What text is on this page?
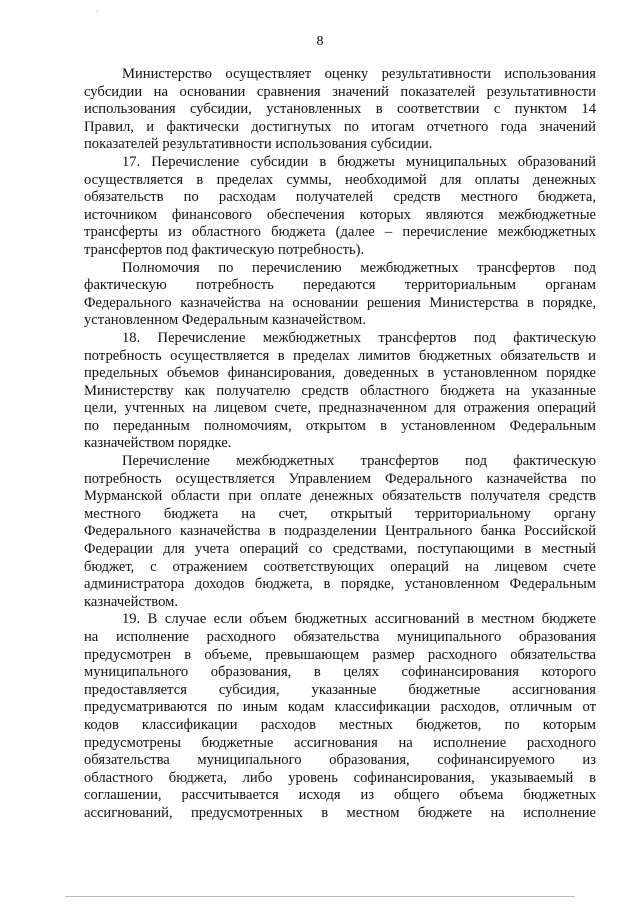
·
8
Министерство осуществляет оценку результативности использования
субсидии на основании сравнения значений показателей результативности
использования субсидии, установленных в соответствии с пунктом 14
Правил, и фактически достигнутых по итогам отчетного года значений
показателей результативности использования субсидии.
17. Перечисление субсидии в бюджеты муниципальных образований
осуществляется в пределах суммы, необходимой для оплаты денежных
обязательств по расходам получателей средств местного бюджета,
источником финансового обеспечения которых являются межбюджетные
трансферты из областного бюджета (далее – перечисление межбюджетных
трансфертов под фактическую потребность).
Полномочия по перечислению межбюджетных трансфертов под
фактическую потребность передаются территориальным органам
Федерального казначейства на основании решения Министерства в порядке,
установленном Федеральным казначейством.
18. Перечисление межбюджетных трансфертов под фактическую
потребность осуществляется в пределах лимитов бюджетных обязательств и
предельных объемов финансирования, доведенных в установленном порядке
Министерству как получателю средств областного бюджета на указанные
цели, учтенных на лицевом счете, предназначенном для отражения операций
по переданным полномочиям, открытом в установленном Федеральным
казначейством порядке.
Перечисление межбюджетных трансфертов под фактическую
потребность осуществляется Управлением Федерального казначейства по
Мурманской области при оплате денежных обязательств получателя средств
местного бюджета на счет, открытый территориальному органу
Федерального казначейства в подразделении Центрального банка Российской
Федерации для учета операций со средствами, поступающими в местный
бюджет, с отражением соответствующих операций на лицевом счете
администратора доходов бюджета, в порядке, установленном Федеральным
казначейством.
19. В случае если объем бюджетных ассигнований в местном бюджете
на исполнение расходного обязательства муниципального образования
предусмотрен в объеме, превышающем размер расходного обязательства
муниципального образования, в целях софинансирования которого
предоставляется субсидия, указанные бюджетные ассигнования
предусматриваются по иным кодам классификации расходов, отличным от
кодов классификации расходов местных бюджетов, по которым
предусмотрены бюджетные ассигнования на исполнение расходного
обязательства муниципального образования, софинансируемого из
областного бюджета, либо уровень софинансирования, указываемый в
соглашении, рассчитывается исходя из общего объема бюджетных
ассигнований, предусмотренных в местном бюджете на исполнение
